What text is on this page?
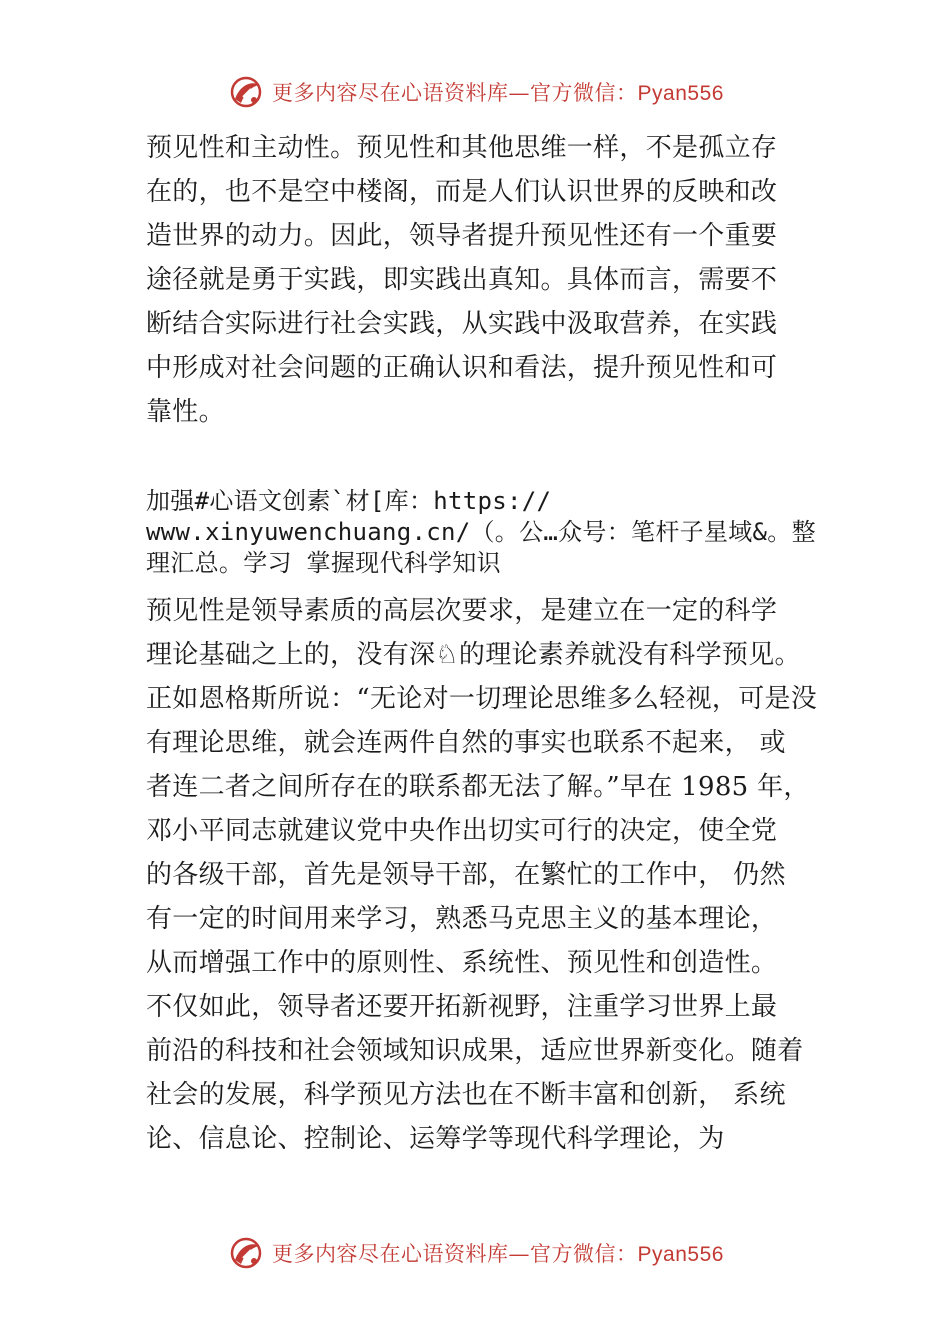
更多内容尽在心语资料库—官方微信：Pyan556
预见性和主动性。预见性和其他思维一样，不是孤立存
在的，也不是空中楼阁，而是人们认识世界的反映和改
造世界的动力。因此，领导者提升预见性还有一个重要
途径就是勇于实践，即实践出真知。具体而言，需要不
断结合实际进行社会实践，从实践中汲取营养，在实践
中形成对社会问题的正确认识和看法，提升预见性和可
靠性。
加强#心语文创素`材[库：https://
www.xinyuwenchuang.cn/（。公…众号：笔杆子星域&。整
理汇总。学习 掌握现代科学知识
预见性是领导素质的高层次要求，是建立在一定的科学
理论基础之上的，没有深♘的理论素养就没有科学预见。
正如恩格斯所说：“无论对一切理论思维多么轻视，可是没
有理论思维，就会连两件自然的事实也联系不起来， 或
者连二者之间所存在的联系都无法了解。”早在 1985 年，
邓小平同志就建议党中央作出切实可行的决定，使全党
的各级干部，首先是领导干部，在繁忙的工作中， 仍然
有一定的时间用来学习，熟悉马克思主义的基本理论，
从而增强工作中的原则性、系统性、预见性和创造性。
不仅如此，领导者还要开拓新视野，注重学习世界上最
前沿的科技和社会领域知识成果，适应世界新变化。随着
社会的发展，科学预见方法也在不断丰富和创新， 系统
论、信息论、控制论、运筹学等现代科学理论，为
更多内容尽在心语资料库—官方微信：Pyan556
